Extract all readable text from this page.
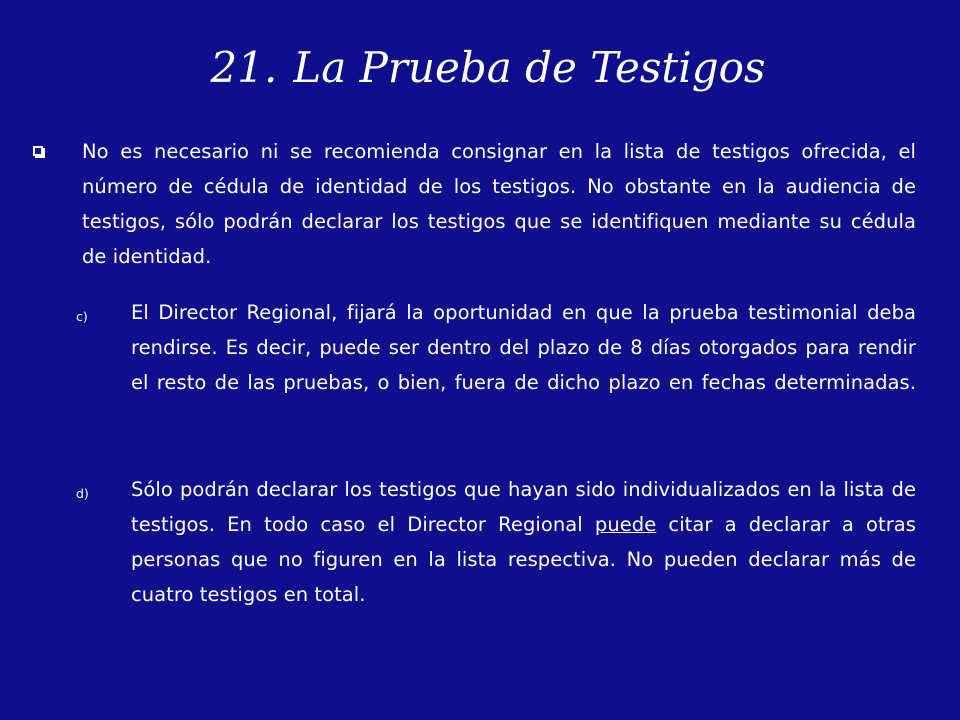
21. La Prueba de Testigos
No es necesario ni se recomienda consignar en la lista de testigos ofrecida, el número de cédula de identidad de los testigos. No obstante en la audiencia de testigos, sólo podrán declarar los testigos que se identifiquen mediante su cédula de identidad.
c) El Director Regional, fijará la oportunidad en que la prueba testimonial deba rendirse. Es decir, puede ser dentro del plazo de 8 días otorgados para rendir el resto de las pruebas, o bien, fuera de dicho plazo en fechas determinadas.
d) Sólo podrán declarar los testigos que hayan sido individualizados en la lista de testigos. En todo caso el Director Regional puede citar a declarar a otras personas que no figuren en la lista respectiva. No pueden declarar más de cuatro testigos en total.
